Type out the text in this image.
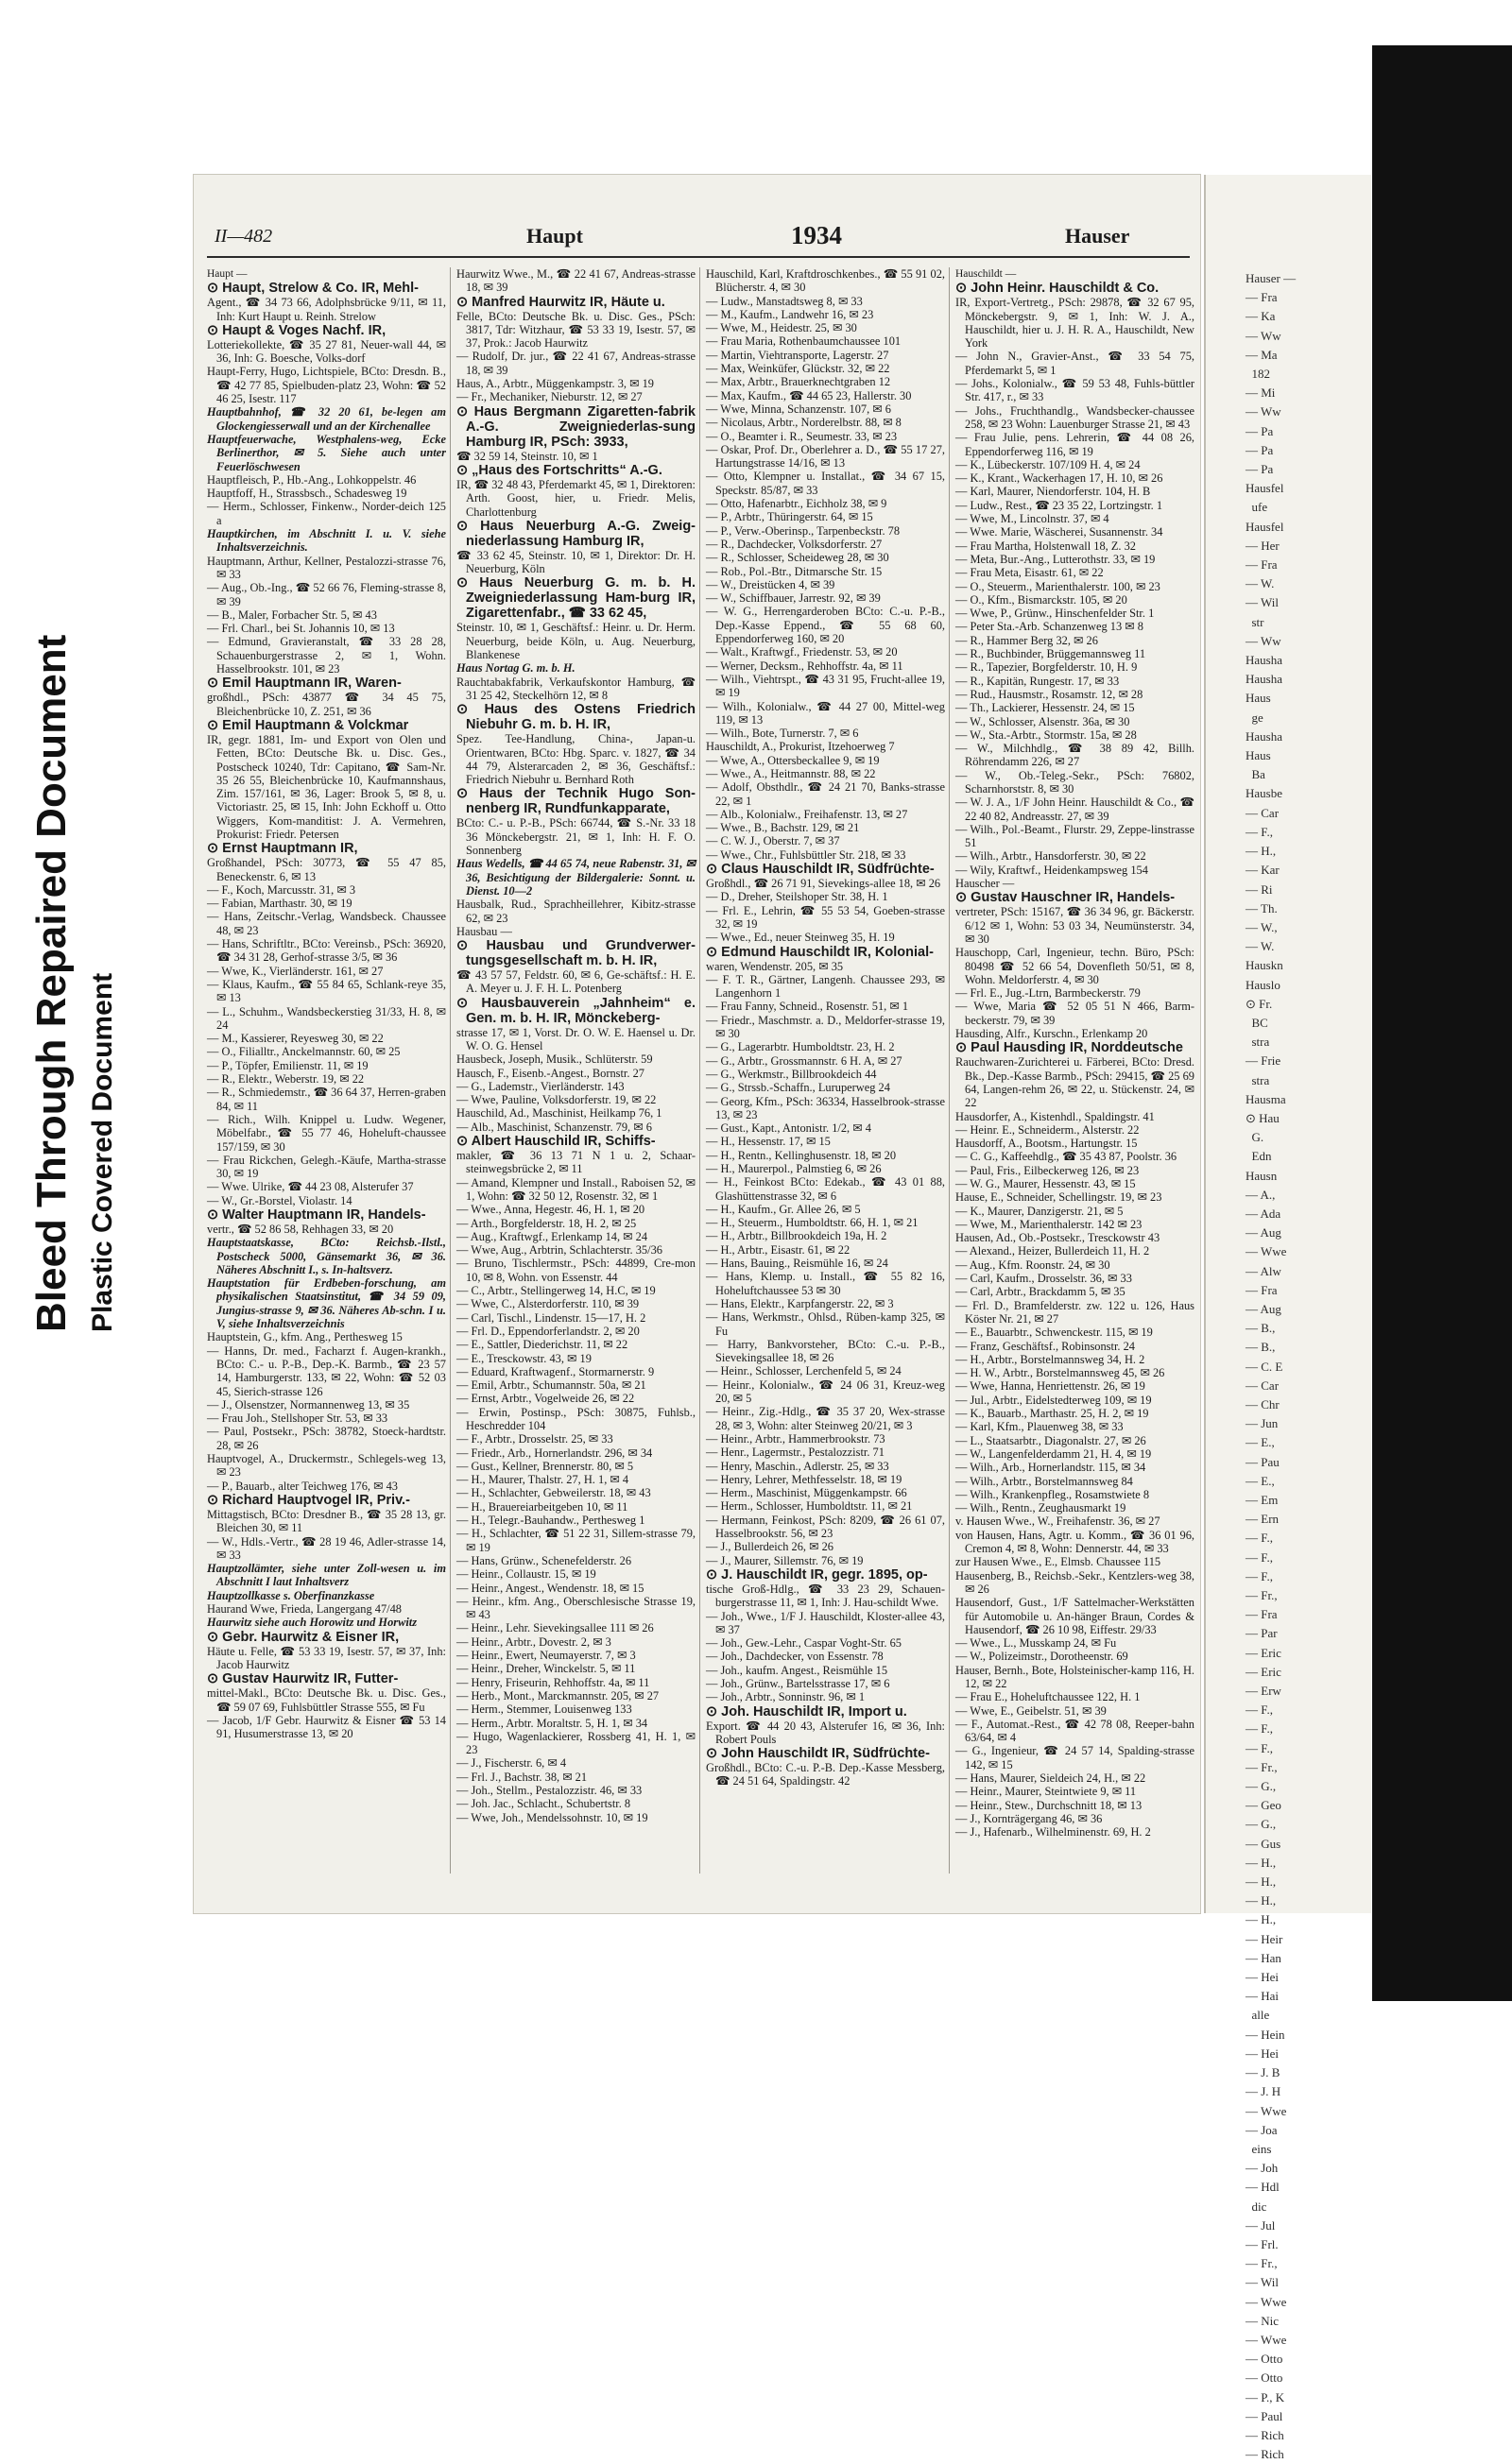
Bleed Through Repaired Document Plastic Covered Document
II—482	Haupt	1934	Hauser

Haupt —

⊙ Haupt, Strelow & Co. IR, Mehl-

Agent., ☎ 34 73 66, Adolphsbrücke 9/11, ✉ 11, Inh: Kurt Haupt u. Reinh. Strelow

⊙ Haupt & Voges Nachf. IR,

Lotteriekollekte, ☎ 35 27 81, Neuer-wall 44, ✉ 36, Inh: G. Boesche, Volks-dorf

Haupt-Ferry, Hugo, Lichtspiele, BCto: Dresdn. B., ☎ 42 77 85, Spielbuden-platz 23, Wohn: ☎ 52 46 25, Isestr. 117

Hauptbahnhof, ☎ 32 20 61, be-legen am Glockengiesserwall und an der Kirchenallee

Hauptfeuerwache, Westphalens-weg, Ecke Berlinerthor, ✉ 5. Siehe auch unter Feuerlöschwesen

Hauptfleisch, P., Hb.-Ang., Lohkoppelstr. 46

Hauptfoff, H., Strassbsch., Schadesweg 19

— Herm., Schlosser, Finkenw., Norder-deich 125 a

Hauptkirchen, im Abschnitt I. u. V. siehe Inhaltsverzeichnis.

Hauptmann, Arthur, Kellner, Pestalozzi-strasse 76, ✉ 33

— Aug., Ob.-Ing., ☎ 52 66 76, Fleming-strasse 8, ✉ 39

— B., Maler, Forbacher Str. 5, ✉ 43

— Frl. Charl., bei St. Johannis 10, ✉ 13

— Edmund, Gravieranstalt, ☎ 33 28 28, Schauenburgerstrasse 2, ✉ 1, Wohn. Hasselbrookstr. 101, ✉ 23

⊙ Emil Hauptmann IR, Waren-

großhdl., PSch: 43877 ☎ 34 45 75, Bleichenbrücke 10, Z. 251, ✉ 36

⊙ Emil Hauptmann & Volckmar

IR, gegr. 1881, Im- und Export von Olen und Fetten, BCto: Deutsche Bk. u. Disc. Ges., Postscheck 10240, Tdr: Capitano, ☎ Sam-Nr. 35 26 55, Bleichenbrücke 10, Kaufmannshaus, Zim. 157/161, ✉ 36, Lager: Brook 5, ✉ 8, u. Victoriastr. 25, ✉ 15, Inh: John Eckhoff u. Otto Wiggers, Kom-manditist: J. A. Vermehren, Prokurist: Friedr. Petersen

⊙ Ernst Hauptmann IR,

Großhandel, PSch: 30773, ☎ 55 47 85, Beneckenstr. 6, ✉ 13

— F., Koch, Marcusstr. 31, ✉ 3

— Fabian, Marthastr. 30, ✉ 19

— Hans, Zeitschr.-Verlag, Wandsbeck. Chaussee 48, ✉ 23

— Hans, Schriftltr., BCto: Vereinsb., PSch: 36920, ☎ 34 31 28, Gerhof-strasse 3/5, ✉ 36

— Wwe, K., Vierländerstr. 161, ✉ 27

— Klaus, Kaufm., ☎ 55 84 65, Schlank-reye 35, ✉ 13

— L., Schuhm., Wandsbeckerstieg 31/33, H. 8, ✉ 24

— M., Kassierer, Reyesweg 30, ✉ 22

— O., Filialltr., Anckelmannstr. 60, ✉ 25

— P., Töpfer, Emilienstr. 11, ✉ 19

— R., Elektr., Weberstr. 19, ✉ 22

— R., Schmiedemstr., ☎ 36 64 37, Herren-graben 84, ✉ 11

— Rich., Wilh. Knippel u. Ludw. Wegener, Möbelfabr., ☎ 55 77 46, Hoheluft-chaussee 157/159, ✉ 30

— Frau Rickchen, Gelegh.-Käufe, Martha-strasse 30, ✉ 19

— Wwe. Ulrike, ☎ 44 23 08, Alsterufer 37

— W., Gr.-Borstel, Violastr. 14

⊙ Walter Hauptmann IR, Handels-

vertr., ☎ 52 86 58, Rehhagen 33, ✉ 20

Hauptstaatskasse, BCto: Reichsb.-Ilstl., Postscheck 5000, Gänsemarkt 36, ✉ 36. Näheres Abschnitt I., s. In-haltsverz.

Hauptstation für Erdbeben-forschung, am physikalischen Staatsinstitut, ☎ 34 59 09, Jungius-strasse 9, ✉ 36. Näheres Ab-schn. I u. V, siehe Inhaltsverzeichnis

Hauptstein, G., kfm. Ang., Perthesweg 15

— Hanns, Dr. med., Facharzt f. Augen-krankh., BCto: C.- u. P.-B., Dep.-K. Barmb., ☎ 23 57 14, Hamburgerstr. 133, ✉ 22, Wohn: ☎ 52 03 45, Sierich-strasse 126

— J., Olsenstzer, Normannenweg 13, ✉ 35

— Frau Joh., Stellshoper Str. 53, ✉ 33

— Paul, Postsekr., PSch: 38782, Stoeck-hardtstr. 28, ✉ 26

Hauptvogel, A., Druckermstr., Schlegels-weg 13, ✉ 23

— P., Bauarb., alter Teichweg 176, ✉ 43

⊙ Richard Hauptvogel IR, Priv.-

Mittagstisch, BCto: Dresdner B., ☎ 35 28 13, gr. Bleichen 30, ✉ 11

— W., Hdls.-Vertr., ☎ 28 19 46, Adler-strasse 14, ✉ 33

Hauptzollämter, siehe unter Zoll-wesen u. im Abschnitt I laut Inhaltsverz

Hauptzollkasse s. Oberfinanzkasse

Haurand Wwe, Frieda, Langergang 47/48

Haurwitz siehe auch Horowitz und Horwitz

⊙ Gebr. Haurwitz & Eisner IR,

Häute u. Felle, ☎ 53 33 19, Isestr. 57, ✉ 37, Inh: Jacob Haurwitz

⊙ Gustav Haurwitz IR, Futter-

mittel-Makl., BCto: Deutsche Bk. u. Disc. Ges., ☎ 59 07 69, Fuhlsbüttler Strasse 555, ✉ Fu

— Jacob, 1/F Gebr. Haurwitz & Eisner ☎ 53 14 91, Husumerstrasse 13, ✉ 20

Haurwitz Wwe., M., ☎ 22 41 67, Andreas-strasse 18, ✉ 39

⊙ Manfred Haurwitz IR, Häute u.

Felle, BCto: Deutsche Bk. u. Disc. Ges., PSch: 3817, Tdr: Witzhaur, ☎ 53 33 19, Isestr. 57, ✉ 37, Prok.: Jacob Haurwitz

— Rudolf, Dr. jur., ☎ 22 41 67, Andreas-strasse 18, ✉ 39

Haus, A., Arbtr., Müggenkampstr. 3, ✉ 19

— Fr., Mechaniker, Nieburstr. 12, ✉ 27

⊙ Haus Bergmann Zigaretten-fabrik A.-G. Zweigniederlas-sung Hamburg IR, PSch: 3933,

☎ 32 59 14, Steinstr. 10, ✉ 1

⊙ „Haus des Fortschritts“ A.-G.

IR, ☎ 32 48 43, Pferdemarkt 45, ✉ 1, Direktoren: Arth. Goost, hier, u. Friedr. Melis, Charlottenburg

⊙ Haus Neuerburg A.-G. Zweig-niederlassung Hamburg IR,

☎ 33 62 45, Steinstr. 10, ✉ 1, Direktor: Dr. H. Neuerburg, Köln

⊙ Haus Neuerburg G. m. b. H. Zweigniederlassung Ham-burg IR, Zigarettenfabr., ☎ 33 62 45,

Steinstr. 10, ✉ 1, Geschäftsf.: Heinr. u. Dr. Herm. Neuerburg, beide Köln, u. Aug. Neuerburg, Blankenese

Haus Nortag G. m. b. H.

Rauchtabakfabrik, Verkaufskontor Hamburg, ☎ 31 25 42, Steckelhörn 12, ✉ 8

⊙ Haus des Ostens Friedrich Niebuhr G. m. b. H. IR,

Spez. Tee-Handlung, China-, Japan-u. Orientwaren, BCto: Hbg. Sparc. v. 1827, ☎ 34 44 79, Alsterarcaden 2, ✉ 36, Geschäftsf.: Friedrich Niebuhr u. Bernhard Roth

⊙ Haus der Technik Hugo Son-nenberg IR, Rundfunkapparate,

BCto: C.- u. P.-B., PSch: 66744, ☎ S.-Nr. 33 18 36 Mönckebergstr. 21, ✉ 1, Inh: H. F. O. Sonnenberg

Haus Wedells, ☎ 44 65 74, neue Rabenstr. 31, ✉ 36, Besichtigung der Bildergalerie: Sonnt. u. Dienst. 10—2

Hausbalk, Rud., Sprachheillehrer, Kibitz-strasse 62, ✉ 23

Hausbau —

⊙ Hausbau und Grundverwer-tungsgesellschaft m. b. H. IR,

☎ 43 57 57, Feldstr. 60, ✉ 6, Ge-schäftsf.: H. E. A. Meyer u. J. F. H. L. Potenberg

⊙ Hausbauverein „Jahnheim“ e. Gen. m. b. H. IR, Mönckeberg-

strasse 17, ✉ 1, Vorst. Dr. O. W. E. Haensel u. Dr. W. O. G. Hensel

Hausbeck, Joseph, Musik., Schlüterstr. 59

Hausch, F., Eisenb.-Angest., Bornstr. 27

— G., Lademstr., Vierländerstr. 143

— Wwe, Pauline, Volksdorferstr. 19, ✉ 22

Hauschild, Ad., Maschinist, Heilkamp 76, 1

— Alb., Maschinist, Schanzenstr. 79, ✉ 6

⊙ Albert Hauschild IR, Schiffs-

makler, ☎ 36 13 71 N 1 u. 2, Schaar-steinwegsbrücke 2, ✉ 11

— Amand, Klempner und Install., Raboisen 52, ✉ 1, Wohn: ☎ 32 50 12, Rosenstr. 32, ✉ 1

— Wwe., Anna, Hegestr. 46, H. 1, ✉ 20

— Arth., Borgfelderstr. 18, H. 2, ✉ 25

— Aug., Kraftwgf., Erlenkamp 14, ✉ 24

— Wwe, Aug., Arbtrin, Schlachterstr. 35/36

— Bruno, Tischlermstr., PSch: 44899, Cre-mon 10, ✉ 8, Wohn. von Essenstr. 44

— C., Arbtr., Stellingerweg 14, H.C, ✉ 19

— Wwe, C., Alsterdorferstr. 110, ✉ 39

— Carl, Tischl., Lindenstr. 15—17, H. 2

— Frl. D., Eppendorferlandstr. 2, ✉ 20

— E., Sattler, Diederichstr. 11, ✉ 22

— E., Tresckowstr. 43, ✉ 19

— Eduard, Kraftwagenf., Stormarnerstr. 9

— Emil, Arbtr., Schumannstr. 50a, ✉ 21

— Ernst, Arbtr., Vogelweide 26, ✉ 22

— Erwin, Postinsp., PSch: 30875, Fuhlsb., Heschredder 104

— F., Arbtr., Drosselstr. 25, ✉ 33

— Friedr., Arb., Hornerlandstr. 296, ✉ 34

— Gust., Kellner, Brennerstr. 80, ✉ 5

— H., Maurer, Thalstr. 27, H. 1, ✉ 4

— H., Schlachter, Gebweilerstr. 18, ✉ 43

— H., Brauereiarbeitgeben 10, ✉ 11

— H., Telegr.-Bauhandw., Perthesweg 1

— H., Schlachter, ☎ 51 22 31, Sillem-strasse 79, ✉ 19

— Hans, Grünw., Schenefelderstr. 26

— Heinr., Collaustr. 15, ✉ 19

— Heinr., Angest., Wendenstr. 18, ✉ 15

— Heinr., kfm. Ang., Oberschlesische Strasse 19, ✉ 43

— Heinr., Lehr. Sievekingsallee 111 ✉ 26

— Heinr., Arbtr., Dovestr. 2, ✉ 3

— Heinr., Ewert, Neumayerstr. 7, ✉ 3

— Heinr., Dreher, Winckelstr. 5, ✉ 11

— Henry, Friseurin, Rehhoffstr. 4a, ✉ 11

— Herb., Mont., Marckmannstr. 205, ✉ 27

— Herm., Stemmer, Louisenweg 133

— Herm., Arbtr. Moraltstr. 5, H. 1, ✉ 34

— Hugo, Wagenlackierer, Rossberg 41, H. 1, ✉ 23

— J., Fischerstr. 6, ✉ 4

— Frl. J., Bachstr. 38, ✉ 21

— Joh., Stellm., Pestalozzistr. 46, ✉ 33

— Joh. Jac., Schlacht., Schubertstr. 8

— Wwe, Joh., Mendelssohnstr. 10, ✉ 19

Hauschild, Karl, Kraftdroschkenbes., ☎ 55 91 02, Blücherstr. 4, ✉ 30

— Ludw., Manstadtsweg 8, ✉ 33

— M., Kaufm., Landwehr 16, ✉ 23

— Wwe, M., Heidestr. 25, ✉ 30

— Frau Maria, Rothenbaumchaussee 101

— Martin, Viehtransporte, Lagerstr. 27

— Max, Weinküfer, Glückstr. 32, ✉ 22

— Max, Arbtr., Brauerknechtgraben 12

— Max, Kaufm., ☎ 44 65 23, Hallerstr. 30

— Wwe, Minna, Schanzenstr. 107, ✉ 6

— Nicolaus, Arbtr., Norderelbstr. 88, ✉ 8

— O., Beamter i. R., Seumestr. 33, ✉ 23

— Oskar, Prof. Dr., Oberlehrer a. D., ☎ 55 17 27, Hartungstrasse 14/16, ✉ 13

— Otto, Klempner u. Installat., ☎ 34 67 15, Speckstr. 85/87, ✉ 33

— Otto, Hafenarbtr., Eichholz 38, ✉ 9

— P., Arbtr., Thüringerstr. 64, ✉ 15

— P., Verw.-Oberinsp., Tarpenbeckstr. 78

— R., Dachdecker, Volksdorferstr. 27

— R., Schlosser, Scheideweg 28, ✉ 30

— Rob., Pol.-Btr., Ditmarsche Str. 15

— W., Dreistücken 4, ✉ 39

— W., Schiffbauer, Jarrestr. 92, ✉ 39

— W. G., Herrengarderoben BCto: C.-u. P.-B., Dep.-Kasse Eppend., ☎ 55 68 60, Eppendorferweg 160, ✉ 20

— Walt., Kraftwgf., Friedenstr. 53, ✉ 20

— Werner, Decksm., Rehhoffstr. 4a, ✉ 11

— Wilh., Viehtrspt., ☎ 43 31 95, Frucht-allee 19, ✉ 19

— Wilh., Kolonialw., ☎ 44 27 00, Mittel-weg 119, ✉ 13

— Wilh., Bote, Turnerstr. 7, ✉ 6

Hauschildt, A., Prokurist, Itzehoerweg 7

— Wwe, A., Ottersbeckallee 9, ✉ 19

— Wwe., A., Heitmannstr. 88, ✉ 22

— Adolf, Obsthdlr., ☎ 24 21 70, Banks-strasse 22, ✉ 1

— Alb., Kolonialw., Freihafenstr. 13, ✉ 27

— Wwe., B., Bachstr. 129, ✉ 21

— C. W. J., Oberstr. 7, ✉ 37

— Wwe., Chr., Fuhlsbüttler Str. 218, ✉ 33

⊙ Claus Hauschildt IR, Südfrüchte-

Großhdl., ☎ 26 71 91, Sievekings-allee 18, ✉ 26

— D., Dreher, Steilshoper Str. 38, H. 1

— Frl. E., Lehrin, ☎ 55 53 54, Goeben-strasse 32, ✉ 19

— Wwe., Ed., neuer Steinweg 35, H. 19

⊙ Edmund Hauschildt IR, Kolonial-

waren, Wendenstr. 205, ✉ 35

— F. T. R., Gärtner, Langenh. Chaussee 293, ✉ Langenhorn 1

— Frau Fanny, Schneid., Rosenstr. 51, ✉ 1

— Friedr., Maschmstr. a. D., Meldorfer-strasse 19, ✉ 30

— G., Lagerarbtr. Humboldtstr. 23, H. 2

— G., Arbtr., Grossmannstr. 6 H. A, ✉ 27

— G., Werkmstr., Billbrookdeich 44

— G., Strssb.-Schaffn., Luruperweg 24

— Georg, Kfm., PSch: 36334, Hasselbrook-strasse 13, ✉ 23

— Gust., Kapt., Antonistr. 1/2, ✉ 4

— H., Hessenstr. 17, ✉ 15

— H., Rentn., Kellinghusenstr. 18, ✉ 20

— H., Maurerpol., Palmstieg 6, ✉ 26

— H., Feinkost BCto: Edekab., ☎ 43 01 88, Glashüttenstrasse 32, ✉ 6

— H., Kaufm., Gr. Allee 26, ✉ 5

— H., Steuerm., Humboldtstr. 66, H. 1, ✉ 21

— H., Arbtr., Billbrookdeich 19a, H. 2

— H., Arbtr., Eisastr. 61, ✉ 22

— Hans, Bauing., Reismühle 16, ✉ 24

— Hans, Klemp. u. Install., ☎ 55 82 16, Hoheluftchaussee 53 ✉ 30

— Hans, Elektr., Karpfangerstr. 22, ✉ 3

— Hans, Werkmstr., Ohlsd., Rüben-kamp 325, ✉ Fu

— Harry, Bankvorsteher, BCto: C.-u. P.-B., Sievekingsallee 18, ✉ 26

— Heinr., Schlosser, Lerchenfeld 5, ✉ 24

— Heinr., Kolonialw., ☎ 24 06 31, Kreuz-weg 20, ✉ 5

— Heinr., Zig.-Hdlg., ☎ 35 37 20, Wex-strasse 28, ✉ 3, Wohn: alter Steinweg 20/21, ✉ 3

— Heinr., Arbtr., Hammerbrookstr. 73

— Henr., Lagermstr., Pestalozzistr. 71

— Henry, Maschin., Adlerstr. 25, ✉ 33

— Henry, Lehrer, Methfesselstr. 18, ✉ 19

— Herm., Maschinist, Müggenkampstr. 66

— Herm., Schlosser, Humboldtstr. 11, ✉ 21

— Hermann, Feinkost, PSch: 8209, ☎ 26 61 07, Hasselbrookstr. 56, ✉ 23

— J., Bullerdeich 26, ✉ 26

— J., Maurer, Sillemstr. 76, ✉ 19

⊙ J. Hauschildt IR, gegr. 1895, op-

tische Groß-Hdlg., ☎ 33 23 29, Schauen-burgerstrasse 11, ✉ 1, Inh: J. Hau-schildt Wwe.

— Joh., Wwe., 1/F J. Hauschildt, Kloster-allee 43, ✉ 37

— Joh., Gew.-Lehr., Caspar Voght-Str. 65

— Joh., Dachdecker, von Essenstr. 78

— Joh., kaufm. Angest., Reismühle 15

— Joh., Grünw., Bartelsstrasse 17, ✉ 6

— Joh., Arbtr., Sonninstr. 96, ✉ 1

⊙ Joh. Hauschildt IR, Import u.

Export. ☎ 44 20 43, Alsterufer 16, ✉ 36, Inh: Robert Pouls

⊙ John Hauschildt IR, Südfrüchte-

Großhdl., BCto: C.-u. P.-B. Dep.-Kasse Messberg, ☎ 24 51 64, Spaldingstr. 42

Hauschildt —

⊙ John Heinr. Hauschildt & Co.

IR, Export-Vertretg., PSch: 29878, ☎ 32 67 95, Mönckebergstr. 9, ✉ 1, Inh: W. J. A., Hauschildt, hier u. J. H. R. A., Hauschildt, New York

— John N., Gravier-Anst., ☎ 33 54 75, Pferdemarkt 5, ✉ 1

— Johs., Kolonialw., ☎ 59 53 48, Fuhls-büttler Str. 417, r., ✉ 33

— Johs., Fruchthandlg., Wandsbecker-chaussee 258, ✉ 23 Wohn: Lauenburger Strasse 21, ✉ 43

— Frau Julie, pens. Lehrerin, ☎ 44 08 26, Eppendorferweg 116, ✉ 19

— K., Lübeckerstr. 107/109 H. 4, ✉ 24

— K., Krant., Wackerhagen 17, H. 10, ✉ 26

— Karl, Maurer, Niendorferstr. 104, H. B

— Ludw., Rest., ☎ 23 35 22, Lortzingstr. 1

— Wwe, M., Lincolnstr. 37, ✉ 4

— Wwe. Marie, Wäscherei, Susannenstr. 34

— Frau Martha, Holstenwall 18, Z. 32

— Meta, Bur.-Ang., Lutterothstr. 33, ✉ 19

— Frau Meta, Eisastr. 61, ✉ 22

— O., Steuerm., Marienthalerstr. 100, ✉ 23

— O., Kfm., Bismarckstr. 105, ✉ 20

— Wwe, P., Grünw., Hinschenfelder Str. 1

— Peter Sta.-Arb. Schanzenweg 13 ✉ 8

— R., Hammer Berg 32, ✉ 26

— R., Buchbinder, Brüggemannsweg 11

— R., Tapezier, Borgfelderstr. 10, H. 9

— R., Kapitän, Rungestr. 17, ✉ 33

— Rud., Hausmstr., Rosamstr. 12, ✉ 28

— Th., Lackierer, Hessenstr. 24, ✉ 15

— W., Schlosser, Alsenstr. 36a, ✉ 30

— W., Sta.-Arbtr., Stormstr. 15a, ✉ 28

— W., Milchhdlg., ☎ 38 89 42, Billh. Röhrendamm 226, ✉ 27

— W., Ob.-Teleg.-Sekr., PSch: 76802, Scharnhorststr. 8, ✉ 30

— W. J. A., 1/F John Heinr. Hauschildt & Co., ☎ 22 40 82, Andreasstr. 27, ✉ 39

— Wilh., Pol.-Beamt., Flurstr. 29, Zeppe-linstrasse 51

— Wilh., Arbtr., Hansdorferstr. 30, ✉ 22

— Wily, Kraftwf., Heidenkampsweg 154

Hauscher —

⊙ Gustav Hauschner IR, Handels-

vertreter, PSch: 15167, ☎ 36 34 96, gr. Bäckerstr. 6/12 ✉ 1, Wohn: 53 03 34, Neumünsterstr. 34, ✉ 30

Hauschopp, Carl, Ingenieur, techn. Büro, PSch: 80498 ☎ 52 66 54, Dovenfleth 50/51, ✉ 8, Wohn. Meldorferstr. 4, ✉ 30

— Frl. E., Jug.-Ltrn, Barmbeckerstr. 79

— Wwe, Maria ☎ 52 05 51 N 466, Barm-beckerstr. 79, ✉ 39

Hausding, Alfr., Kurschn., Erlenkamp 20

⊙ Paul Hausding IR, Norddeutsche

Rauchwaren-Zurichterei u. Färberei, BCto: Dresd. Bk., Dep.-Kasse Barmb., PSch: 29415, ☎ 25 69 64, Langen-rehm 26, ✉ 22, u. Stückenstr. 24, ✉ 22

Hausdorfer, A., Kistenhdl., Spaldingstr. 41

— Heinr. E., Schneiderm., Alsterstr. 22

Hausdorff, A., Bootsm., Hartungstr. 15

— C. G., Kaffeehdlg., ☎ 35 43 87, Poolstr. 36

— Paul, Fris., Eilbeckerweg 126, ✉ 23

— W. G., Maurer, Hessenstr. 43, ✉ 15

Hause, E., Schneider, Schellingstr. 19, ✉ 23

— K., Maurer, Danzigerstr. 21, ✉ 5

— Wwe, M., Marienthalerstr. 142 ✉ 23

Hausen, Ad., Ob.-Postsekr., Tresckowstr 43

— Alexand., Heizer, Bullerdeich 11, H. 2

— Aug., Kfm. Roonstr. 24, ✉ 30

— Carl, Kaufm., Drosselstr. 36, ✉ 33

— Carl, Arbtr., Brackdamm 5, ✉ 35

— Frl. D., Bramfelderstr. zw. 122 u. 126, Haus Köster Nr. 21, ✉ 27

— E., Bauarbtr., Schwenckestr. 115, ✉ 19

— Franz, Geschäftsf., Robinsonstr. 24

— H., Arbtr., Borstelmannsweg 34, H. 2

— H. W., Arbtr., Borstelmannsweg 45, ✉ 26

— Wwe, Hanna, Henriettenstr. 26, ✉ 19

— Jul., Arbtr., Eidelstedterweg 109, ✉ 19

— K., Bauarb., Marthastr. 25, H. 2, ✉ 19

— Karl, Kfm., Plauenweg 38, ✉ 33

— L., Staatsarbtr., Diagonalstr. 27, ✉ 26

— W., Langenfelderdamm 21, H. 4, ✉ 19

— Wilh., Arb., Hornerlandstr. 115, ✉ 34

— Wilh., Arbtr., Borstelmannsweg 84

— Wilh., Krankenpfleg., Rosamstwiete 8

— Wilh., Rentn., Zeughausmarkt 19

v. Hausen Wwe., W., Freihafenstr. 36, ✉ 27

von Hausen, Hans, Agtr. u. Komm., ☎ 36 01 96, Cremon 4, ✉ 8, Wohn: Dennerstr. 44, ✉ 33

zur Hausen Wwe., E., Elmsb. Chaussee 115

Hausenberg, B., Reichsb.-Sekr., Kentzlers-weg 38, ✉ 26

Hausendorf, Gust., 1/F Sattelmacher-Werkstätten für Automobile u. An-hänger Braun, Cordes & Hausendorf, ☎ 26 10 98, Eiffestr. 29/33

— Wwe., L., Musskamp 24, ✉ Fu

— W., Polizeimstr., Dorotheenstr. 69

Hauser, Bernh., Bote, Holsteinischer-kamp 116, H. 12, ✉ 22

— Frau E., Hoheluftchaussee 122, H. 1

— Wwe, E., Geibelstr. 51, ✉ 39

— F., Automat.-Rest., ☎ 42 78 08, Reeper-bahn 63/64, ✉ 4

— G., Ingenieur, ☎ 24 57 14, Spalding-strasse 142, ✉ 15

— Hans, Maurer, Sieldeich 24, H., ✉ 22

— Heinr., Maurer, Steintwiete 9, ✉ 11

— Heinr., Stew., Durchschnitt 18, ✉ 13

— J., Kornträgergang 46, ✉ 36

— J., Hafenarb., Wilhelminenstr. 69, H. 2

Hauser —
— Fra
— Ka
— Ww
— Ma
182
— Mi
— Ww
— Pa
— Pa
— Pa
Hausfel
ufe
Hausfel
— Her
— Fra
— W.
— Wil
str
— Ww
Hausha
Hausha
Haus
ge
Hausha
Haus
Ba
Hausbe
— Car
— F.,
— H.,
— Kar
— Ri
— Th.
— W.,
— W.
Hauskn
Hauslo
⊙ Fr.
BC
stra
— Frie
stra
Hausma
⊙ Hau
G.
Edn
Hausn
— A.,
— Ada
— Aug
— Wwe
— Alw
— Fra
— Aug
— B.,
— B.,
— C. E
— Car
— Chr
— Jun
— E.,
— Pau
— E.,
— Em
— Ern
— F.,
— F.,
— F.,
— Fr.,
— Fra
— Par
— Eric
— Eric
— Erw
— F.,
— F.,
— F.,
— Fr.,
— G.,
— Geo
— G.,
— Gus
— H.,
— H.,
— H.,
— H.,
— Heir
— Han
— Hei
— Hai
alle
— Hein
— Hei
— J. B
— J. H
— Wwe
— Joa
eins
— Joh
— Hdl
dic
— Jul
— Frl.
— Fr.,
— Wil
— Wwe
— Nic
— Wwe
— Otto
— Otto
— P., K
— Paul
— Rich
— Rich
